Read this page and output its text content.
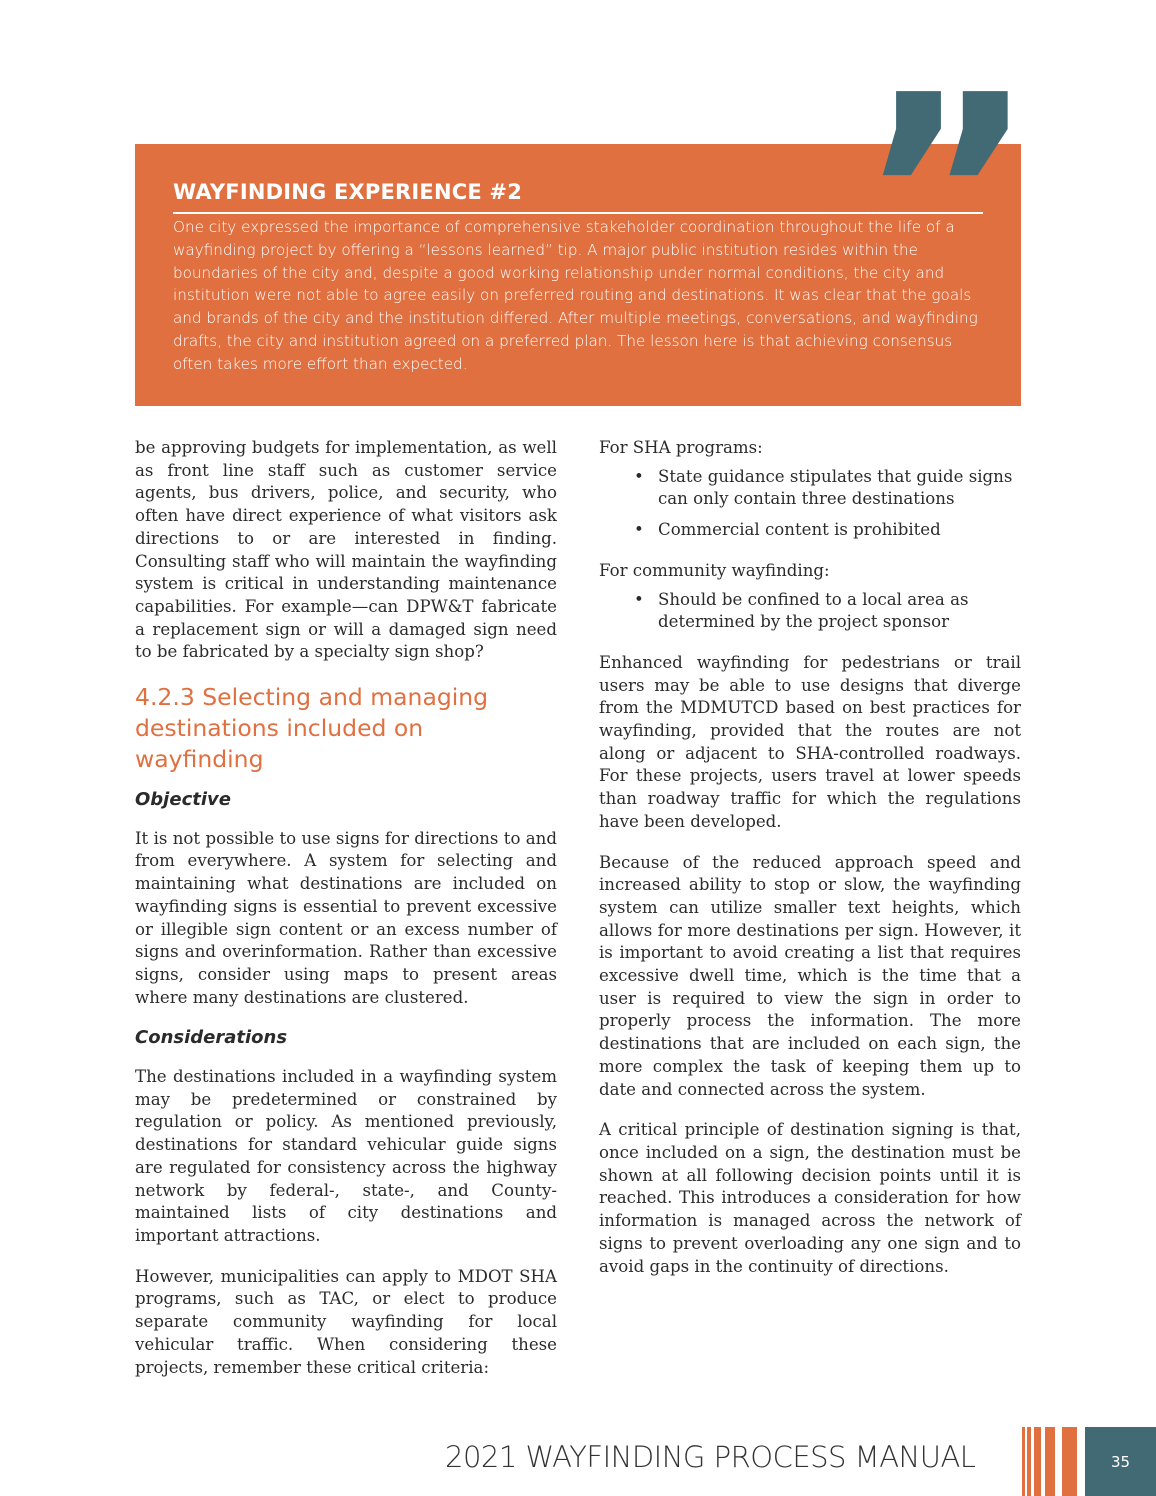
WAYFINDING EXPERIENCE #2
One city expressed the importance of comprehensive stakeholder coordination throughout the life of a wayfinding project by offering a “lessons learned” tip. A major public institution resides within the boundaries of the city and, despite a good working relationship under normal conditions, the city and institution were not able to agree easily on preferred routing and destinations. It was clear that the goals and brands of the city and the institution differed. After multiple meetings, conversations, and wayfinding drafts, the city and institution agreed on a preferred plan. The lesson here is that achieving consensus often takes more effort than expected.
”

be approving budgets for implementation, as well as front line staff such as customer service agents, bus drivers, police, and security, who often have direct experience of what visitors ask directions to or are interested in finding. Consulting staff who will maintain the wayfinding system is critical in understanding maintenance capabilities. For example—can DPW&T fabricate a replacement sign or will a damaged sign need to be fabricated by a specialty sign shop?

4.2.3 Selecting and managing destinations included on wayfinding
Objective

It is not possible to use signs for directions to and from everywhere. A system for selecting and maintaining what destinations are included on wayfinding signs is essential to prevent excessive or illegible sign content or an excess number of signs and overinformation. Rather than excessive signs, consider using maps to present areas where many destinations are clustered.

Considerations

The destinations included in a wayfinding system may be predetermined or constrained by regulation or policy. As mentioned previously, destinations for standard vehicular guide signs are regulated for consistency across the highway network by federal-, state-, and County-maintained lists of city destinations and important attractions.

However, municipalities can apply to MDOT SHA programs, such as TAC, or elect to produce separate community wayfinding for local vehicular traffic. When considering these projects, remember these critical criteria:

For SHA programs:

• State guidance stipulates that guide signs can only contain three destinations
• Commercial content is prohibited

For community wayfinding:

• Should be confined to a local area as determined by the project sponsor

Enhanced wayfinding for pedestrians or trail users may be able to use designs that diverge from the MDMUTCD based on best practices for wayfinding, provided that the routes are not along or adjacent to SHA-controlled roadways. For these projects, users travel at lower speeds than roadway traffic for which the regulations have been developed.

Because of the reduced approach speed and increased ability to stop or slow, the wayfinding system can utilize smaller text heights, which allows for more destinations per sign. However, it is important to avoid creating a list that requires excessive dwell time, which is the time that a user is required to view the sign in order to properly process the information. The more destinations that are included on each sign, the more complex the task of keeping them up to date and connected across the system.

A critical principle of destination signing is that, once included on a sign, the destination must be shown at all following decision points until it is reached. This introduces a consideration for how information is managed across the network of signs to prevent overloading any one sign and to avoid gaps in the continuity of directions.

2021 WAYFINDING PROCESS MANUAL	35
